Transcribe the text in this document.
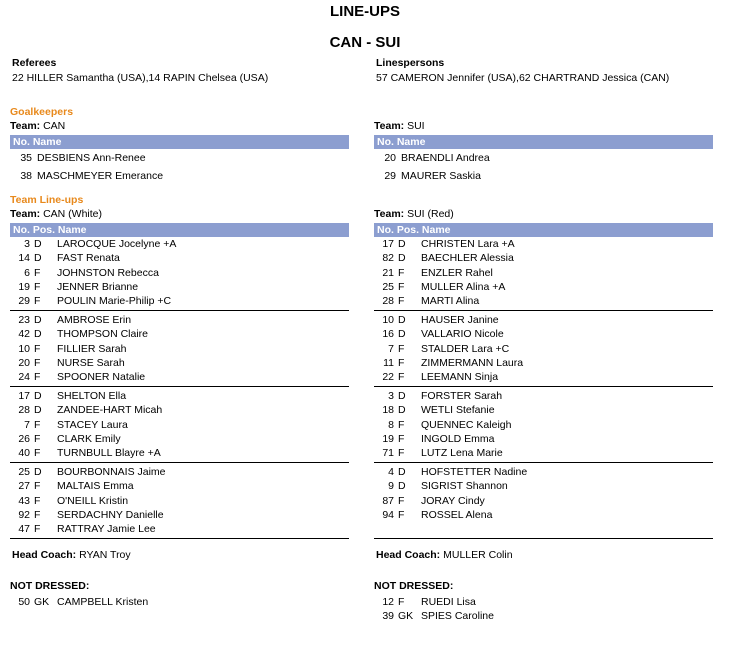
LINE-UPS
CAN - SUI
Referees
22 HILLER Samantha (USA),14 RAPIN Chelsea (USA)
Linespersons
57 CAMERON Jennifer (USA),62 CHARTRAND Jessica (CAN)
Goalkeepers
Team: CAN
No. Name
35 DESBIENS Ann-Renee
38 MASCHMEYER Emerance
Team: SUI
No. Name
20 BRAENDLI Andrea
29 MAURER Saskia
Team Line-ups
Team: CAN (White)
No. Pos. Name
3 D LAROCQUE Jocelyne +A
14 D FAST Renata
6 F JOHNSTON Rebecca
19 F JENNER Brianne
29 F POULIN Marie-Philip +C
23 D AMBROSE Erin
42 D THOMPSON Claire
10 F FILLIER Sarah
20 F NURSE Sarah
24 F SPOONER Natalie
17 D SHELTON Ella
28 D ZANDEE-HART Micah
7 F STACEY Laura
26 F CLARK Emily
40 F TURNBULL Blayre +A
25 D BOURBONNAIS Jaime
27 F MALTAIS Emma
43 F O'NEILL Kristin
92 F SERDACHNY Danielle
47 F RATTRAY Jamie Lee
Team: SUI (Red)
No. Pos. Name
17 D CHRISTEN Lara +A
82 D BAECHLER Alessia
21 F ENZLER Rahel
25 F MULLER Alina +A
28 F MARTI Alina
10 D HAUSER Janine
16 D VALLARIO Nicole
7 F STALDER Lara +C
11 F ZIMMERMANN Laura
22 F LEEMANN Sinja
3 D FORSTER Sarah
18 D WETLI Stefanie
8 F QUENNEC Kaleigh
19 F INGOLD Emma
71 F LUTZ Lena Marie
4 D HOFSTETTER Nadine
9 D SIGRIST Shannon
87 F JORAY Cindy
94 F ROSSEL Alena
Head Coach: RYAN Troy	Head Coach: MULLER Colin
NOT DRESSED:
50 GK CAMPBELL Kristen
NOT DRESSED:
12 F RUEDI Lisa
39 GK SPIES Caroline
